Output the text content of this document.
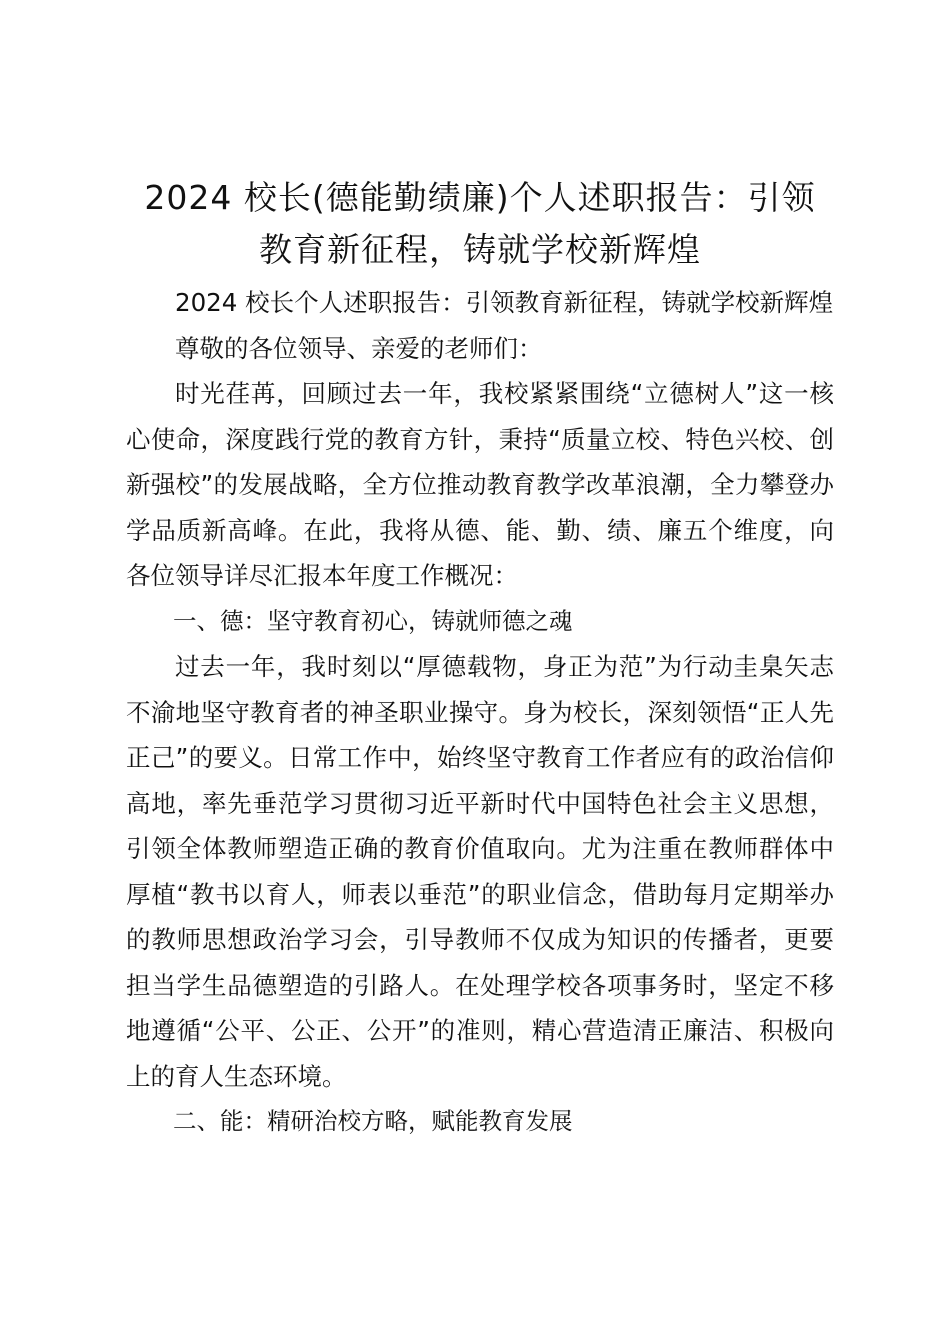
2024 校长(德能勤绩廉)个人述职报告：引领
教育新征程，铸就学校新辉煌

2024 校长个人述职报告：引领教育新征程，铸就学校新辉煌

尊敬的各位领导、亲爱的老师们：

时光荏苒，回顾过去一年，我校紧紧围绕“立德树人”这一核心使命，深度践行党的教育方针，秉持“质量立校、特色兴校、创新强校”的发展战略，全方位推动教育教学改革浪潮，全力攀登办学品质新高峰。在此，我将从德、能、勤、绩、廉五个维度，向各位领导详尽汇报本年度工作概况：

一、德：坚守教育初心，铸就师德之魂

过去一年，我时刻以“厚德载物，身正为范”为行动圭臬矢志不渝地坚守教育者的神圣职业操守。身为校长，深刻领悟“正人先正己”的要义。日常工作中，始终坚守教育工作者应有的政治信仰高地，率先垂范学习贯彻习近平新时代中国特色社会主义思想，引领全体教师塑造正确的教育价值取向。尤为注重在教师群体中厚植“教书以育人，师表以垂范”的职业信念，借助每月定期举办的教师思想政治学习会，引导教师不仅成为知识的传播者，更要担当学生品德塑造的引路人。在处理学校各项事务时，坚定不移地遵循“公平、公正、公开”的准则，精心营造清正廉洁、积极向上的育人生态环境。

二、能：精研治校方略，赋能教育发展
